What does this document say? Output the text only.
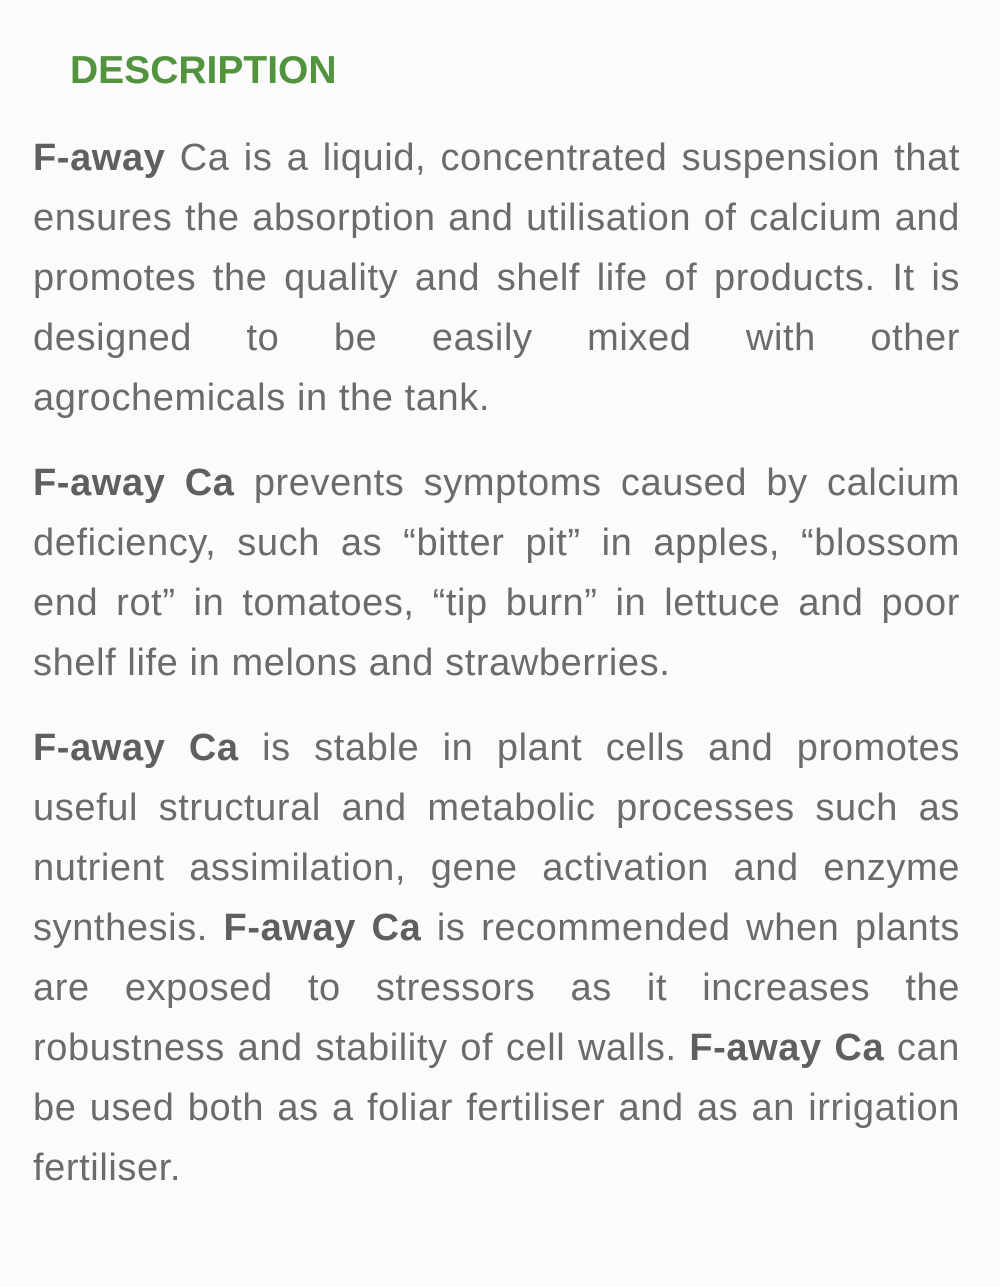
DESCRIPTION

F-away Ca is a liquid, concentrated suspension that ensures the absorption and utilisation of calcium and promotes the quality and shelf life of products. It is designed to be easily mixed with other agrochemicals in the tank.

F-away Ca prevents symptoms caused by calcium deficiency, such as “bitter pit” in apples, “blossom end rot” in tomatoes, “tip burn” in lettuce and poor shelf life in melons and strawberries.

F-away Ca is stable in plant cells and promotes useful structural and metabolic processes such as nutrient assimilation, gene activation and enzyme synthesis. F-away Ca is recommended when plants are exposed to stressors as it increases the robustness and stability of cell walls. F-away Ca can be used both as a foliar fertiliser and as an irrigation fertiliser.
